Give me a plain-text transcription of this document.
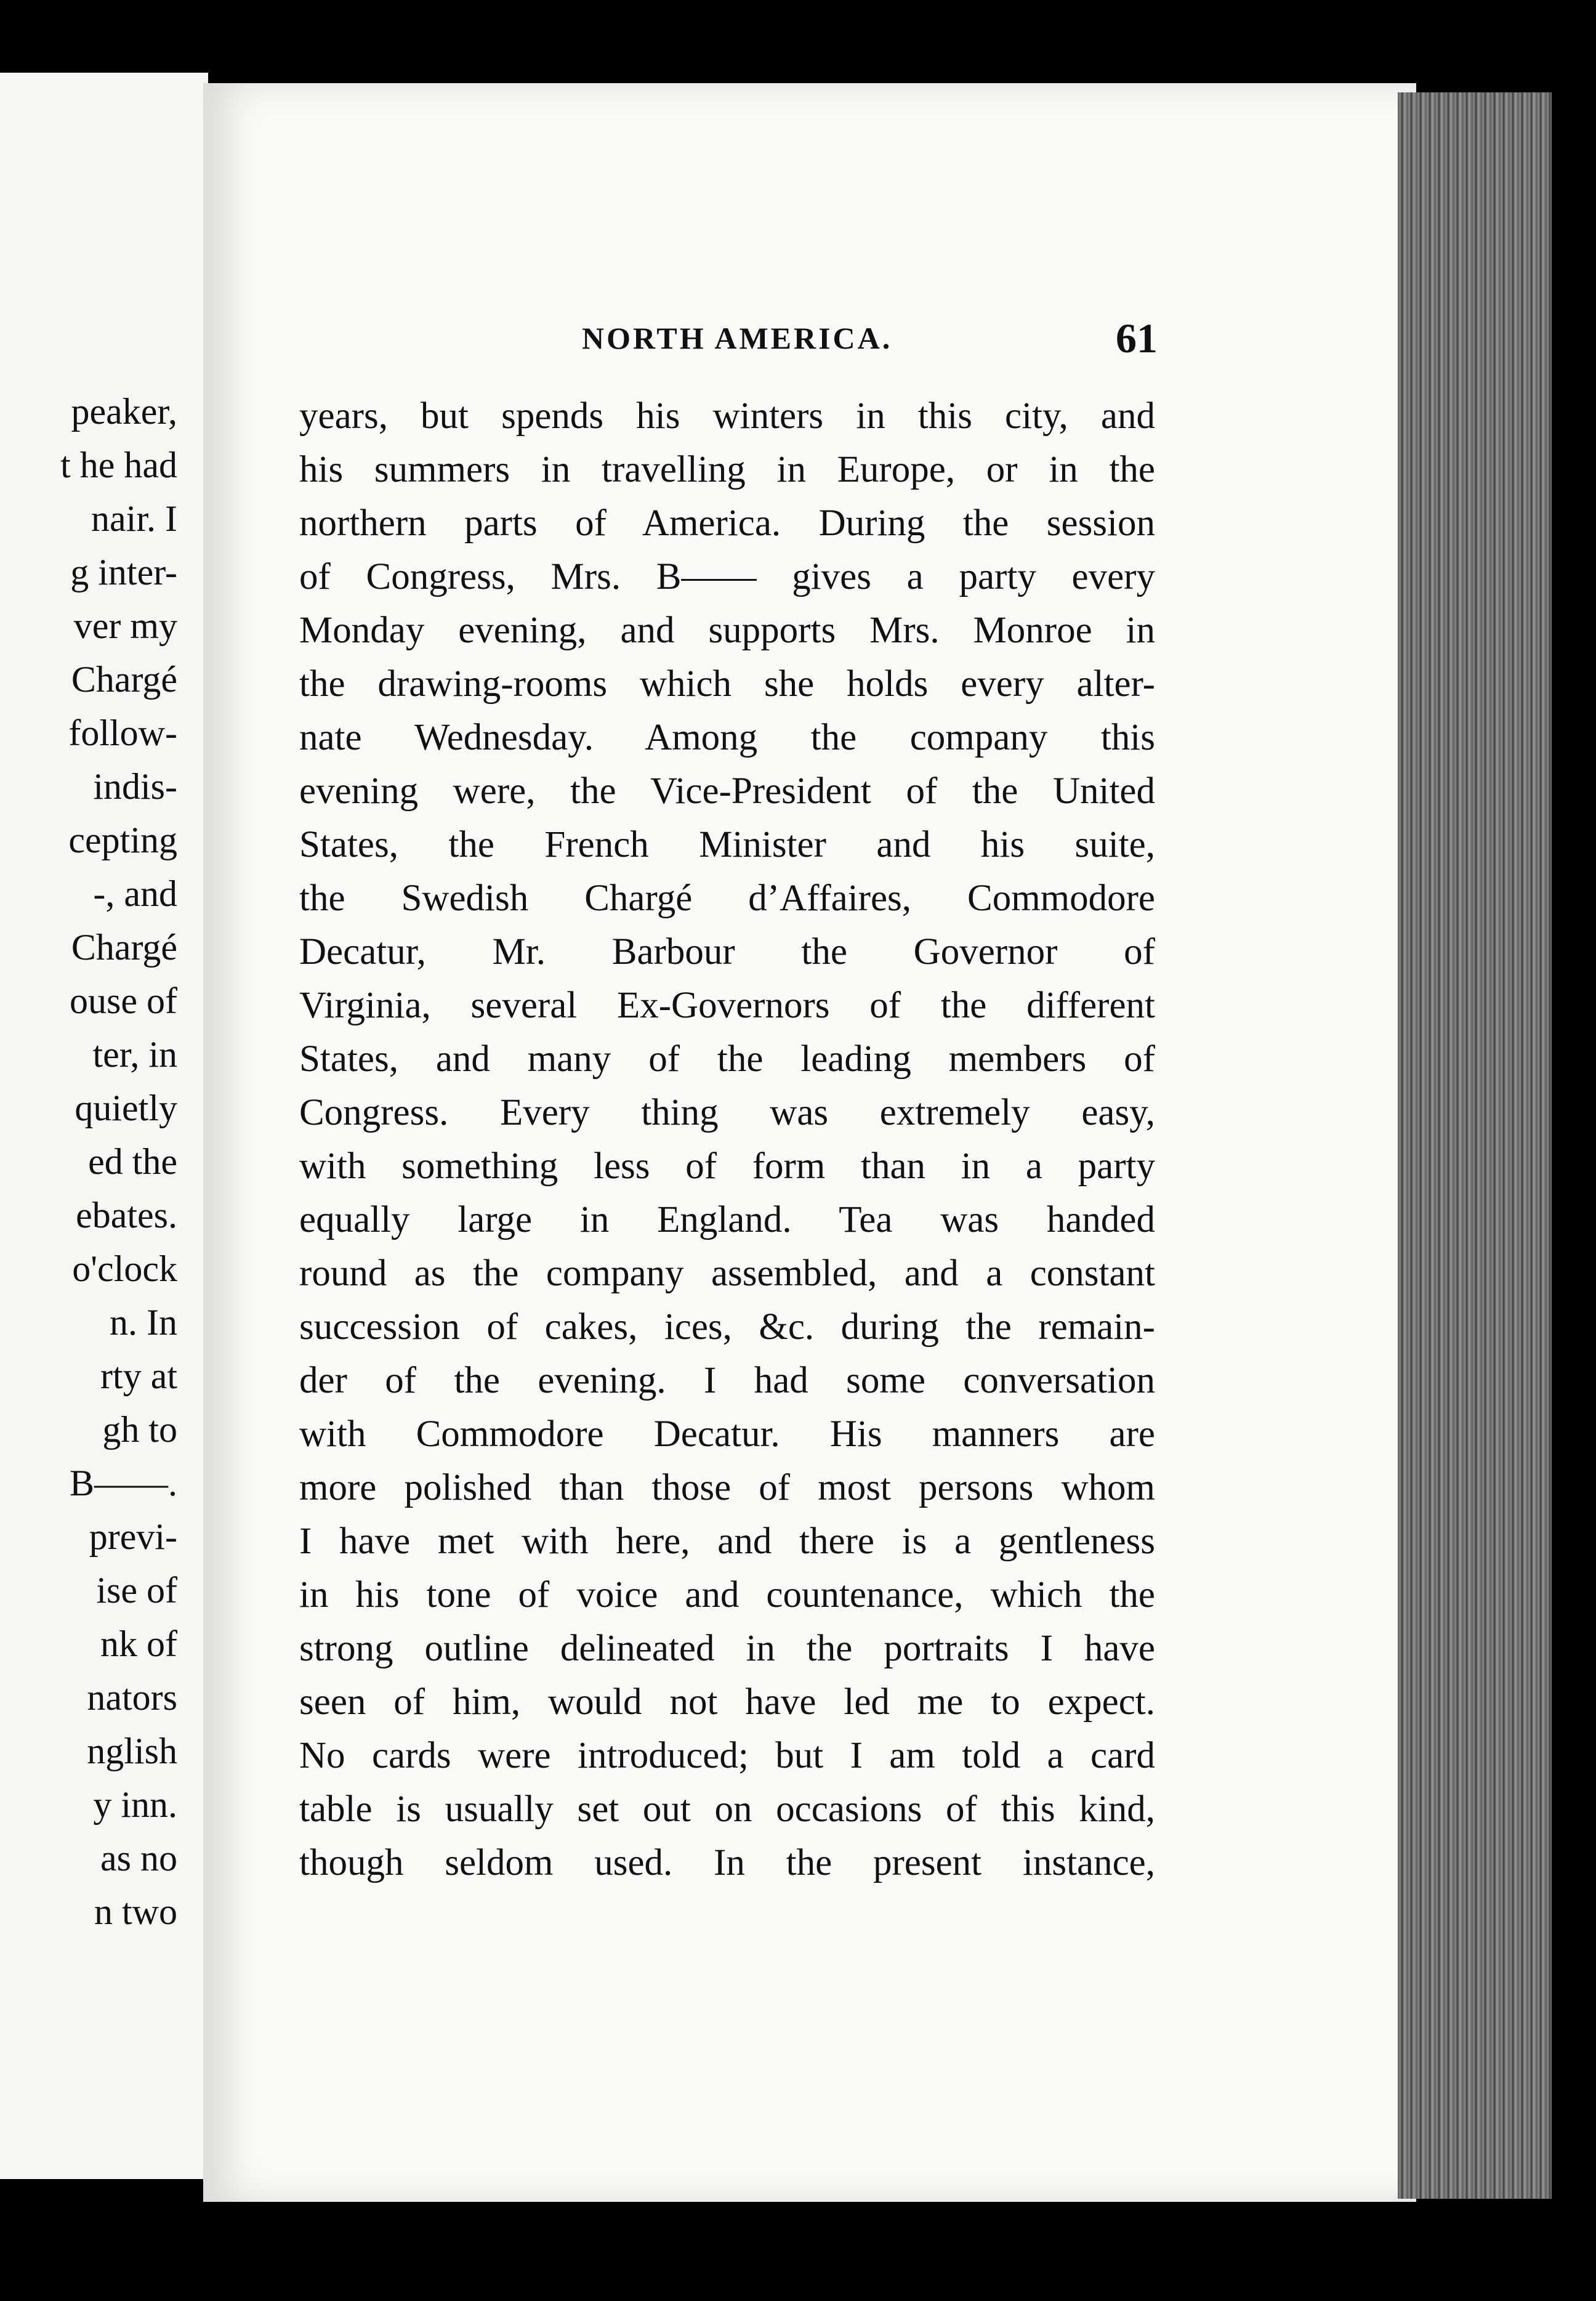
peaker,
t he had
nair. I
g inter-
ver my
Chargé
follow-
indis-
cepting
-, and
Chargé
ouse of
ter, in
quietly
ed the
ebates.
o'clock
n. In
rty at
gh to
B——.
previ-
ise of
nk of
nators
nglish
y inn.
as no
n two
NORTH AMERICA.	61
years, but spends his winters in this city, and
his summers in travelling in Europe, or in the
northern parts of America. During the session
of Congress, Mrs. B—— gives a party every
Monday evening, and supports Mrs. Monroe in
the drawing-rooms which she holds every alter-
nate Wednesday. Among the company this
evening were, the Vice-President of the United
States, the French Minister and his suite,
the Swedish Chargé d’Affaires, Commodore
Decatur, Mr. Barbour the Governor of
Virginia, several Ex-Governors of the different
States, and many of the leading members of
Congress. Every thing was extremely easy,
with something less of form than in a party
equally large in England. Tea was handed
round as the company assembled, and a constant
succession of cakes, ices, &c. during the remain-
der of the evening. I had some conversation
with Commodore Decatur. His manners are
more polished than those of most persons whom
I have met with here, and there is a gentleness
in his tone of voice and countenance, which the
strong outline delineated in the portraits I have
seen of him, would not have led me to expect.
No cards were introduced; but I am told a card
table is usually set out on occasions of this kind,
though seldom used. In the present instance,
